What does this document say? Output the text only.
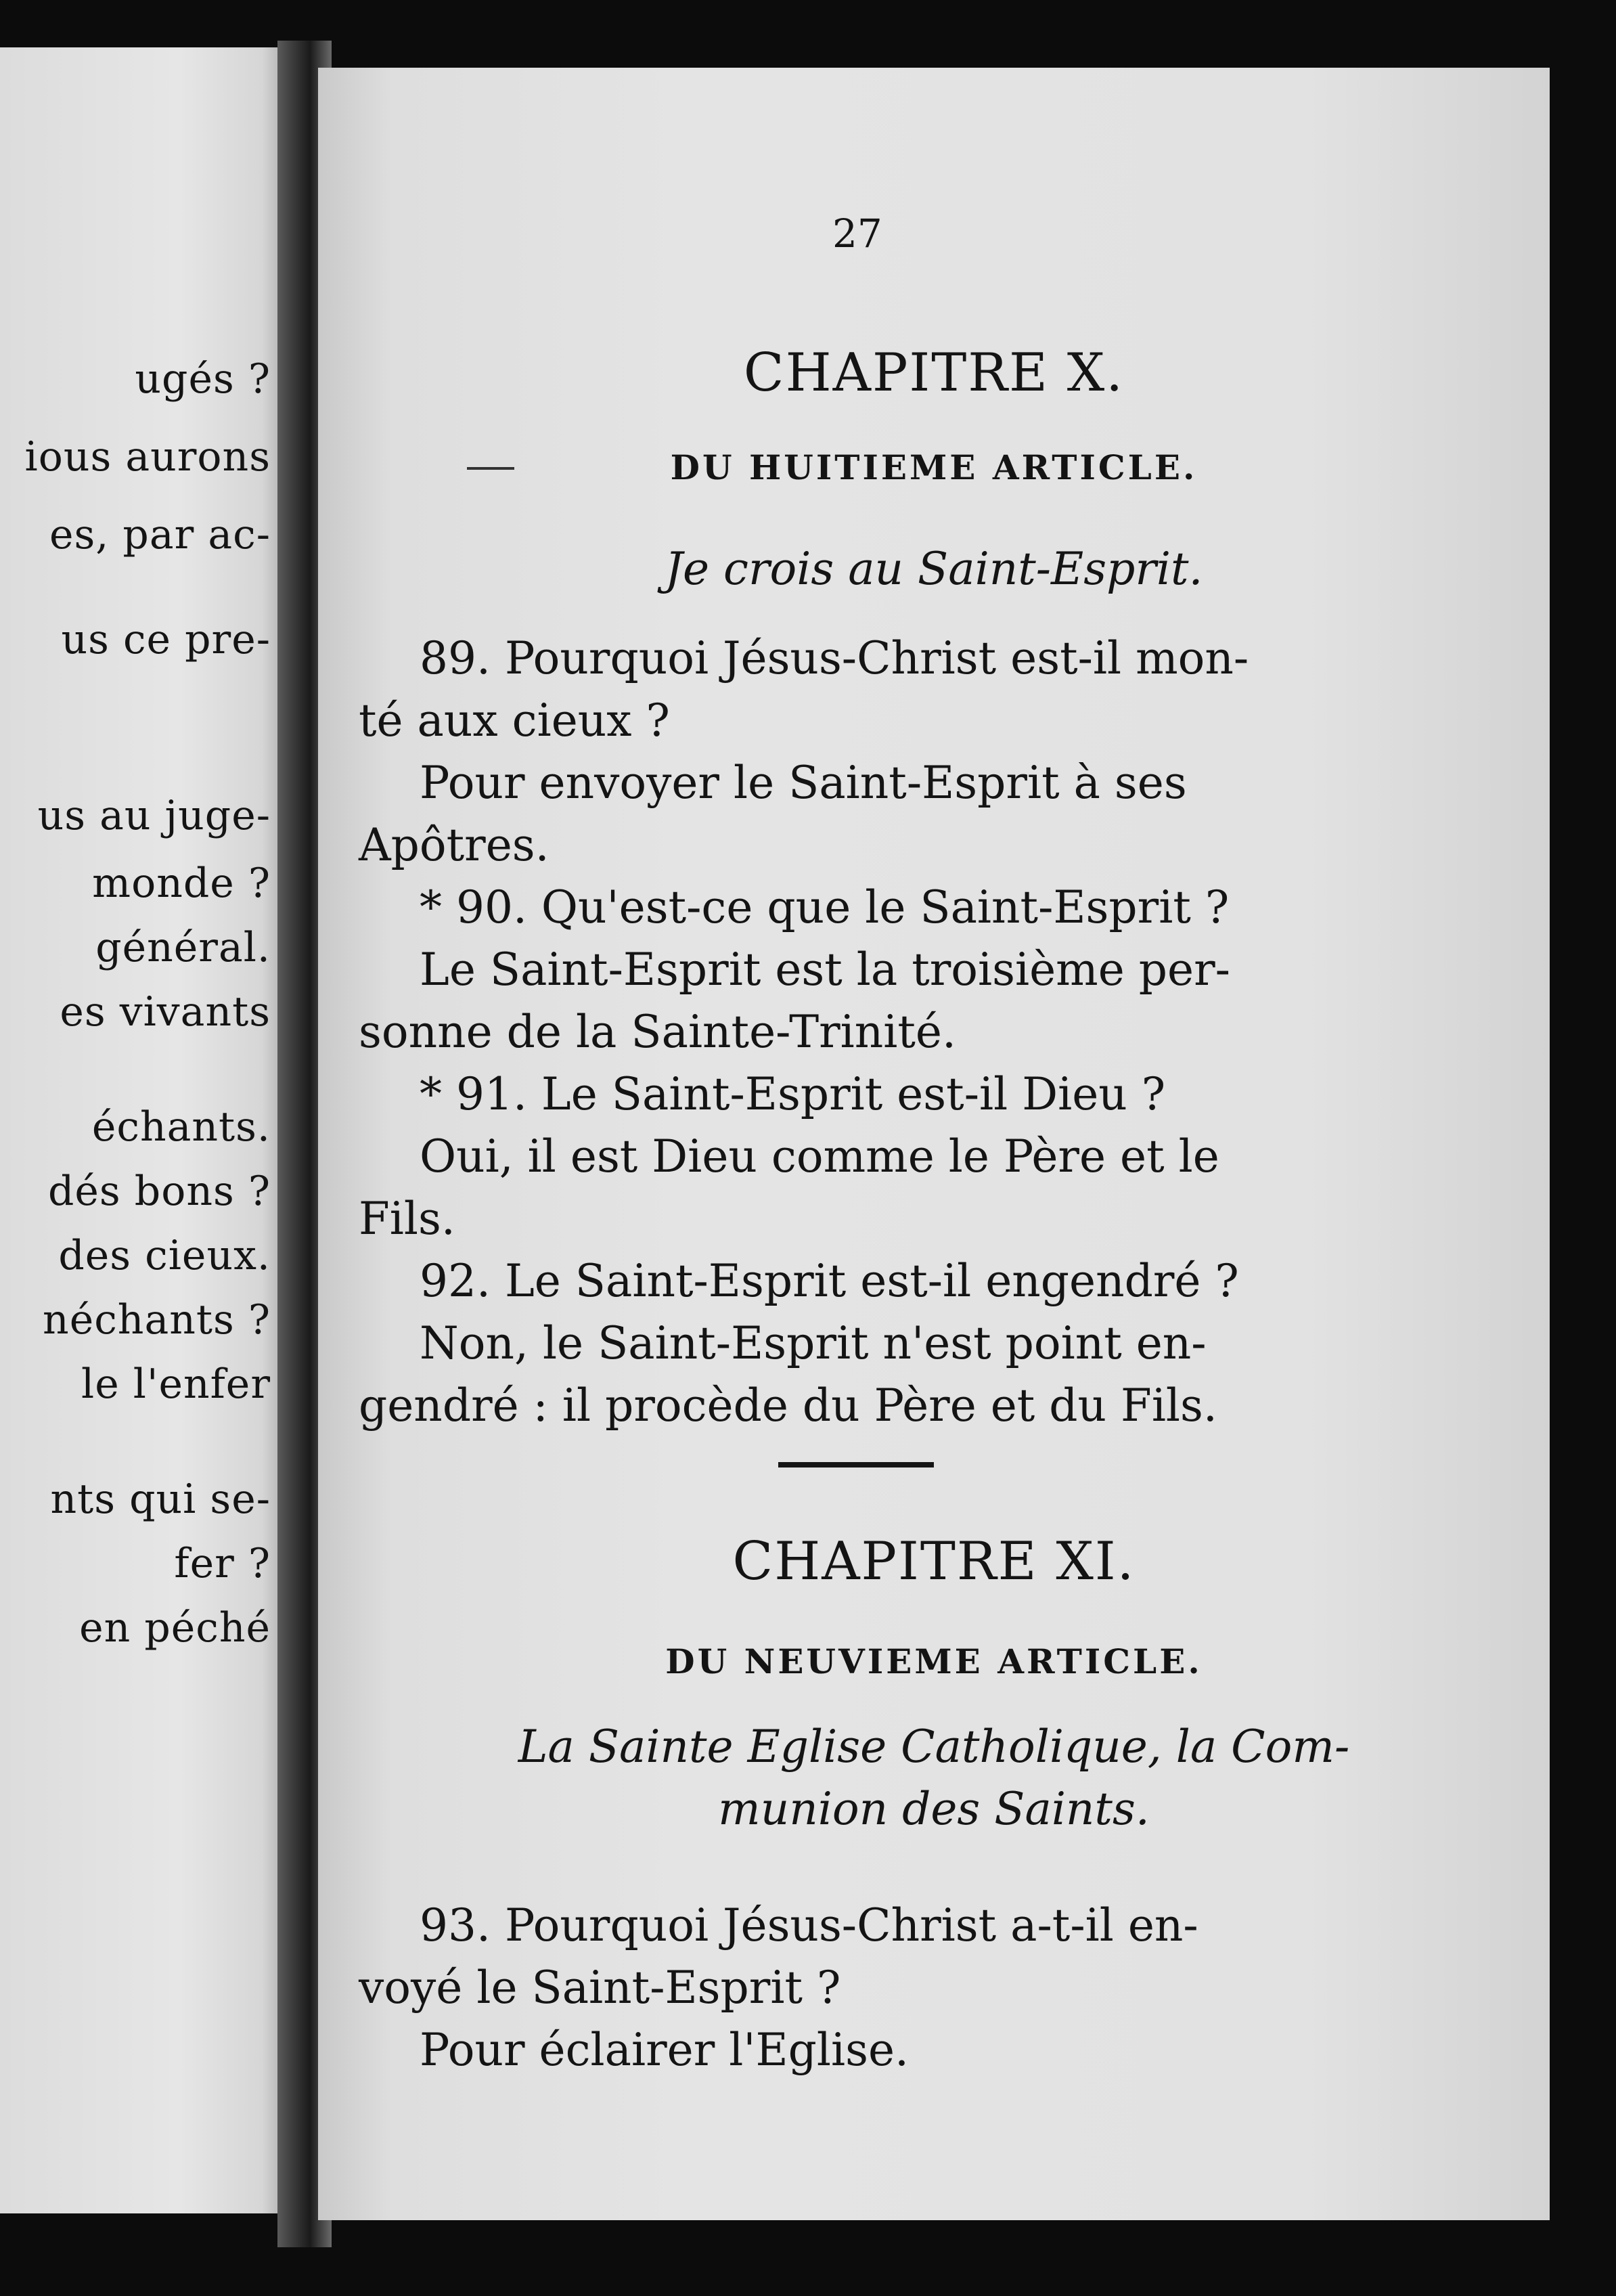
ugés ?
ious aurons
es, par ac-
us ce pre-
us au juge-
monde ?
général.
es vivants
échants.
dés bons ?
des cieux.
néchants ?
le l'enfer
nts qui se-
fer ?
en péché
27
CHAPITRE X.
DU HUITIEME ARTICLE.
Je crois au Saint-Esprit.
89. Pourquoi Jésus-Christ est-il mon-
té aux cieux ?
Pour envoyer le Saint-Esprit à ses
Apôtres.
* 90. Qu'est-ce que le Saint-Esprit ?
Le Saint-Esprit est la troisième per-
sonne de la Sainte-Trinité.
* 91. Le Saint-Esprit est-il Dieu ?
Oui, il est Dieu comme le Père et le
Fils.
92. Le Saint-Esprit est-il engendré ?
Non, le Saint-Esprit n'est point en-
gendré : il procède du Père et du Fils.
CHAPITRE XI.
DU NEUVIEME ARTICLE.
La Sainte Eglise Catholique, la Com-
munion des Saints.
93. Pourquoi Jésus-Christ a-t-il en-
voyé le Saint-Esprit ?
Pour éclairer l'Eglise.
